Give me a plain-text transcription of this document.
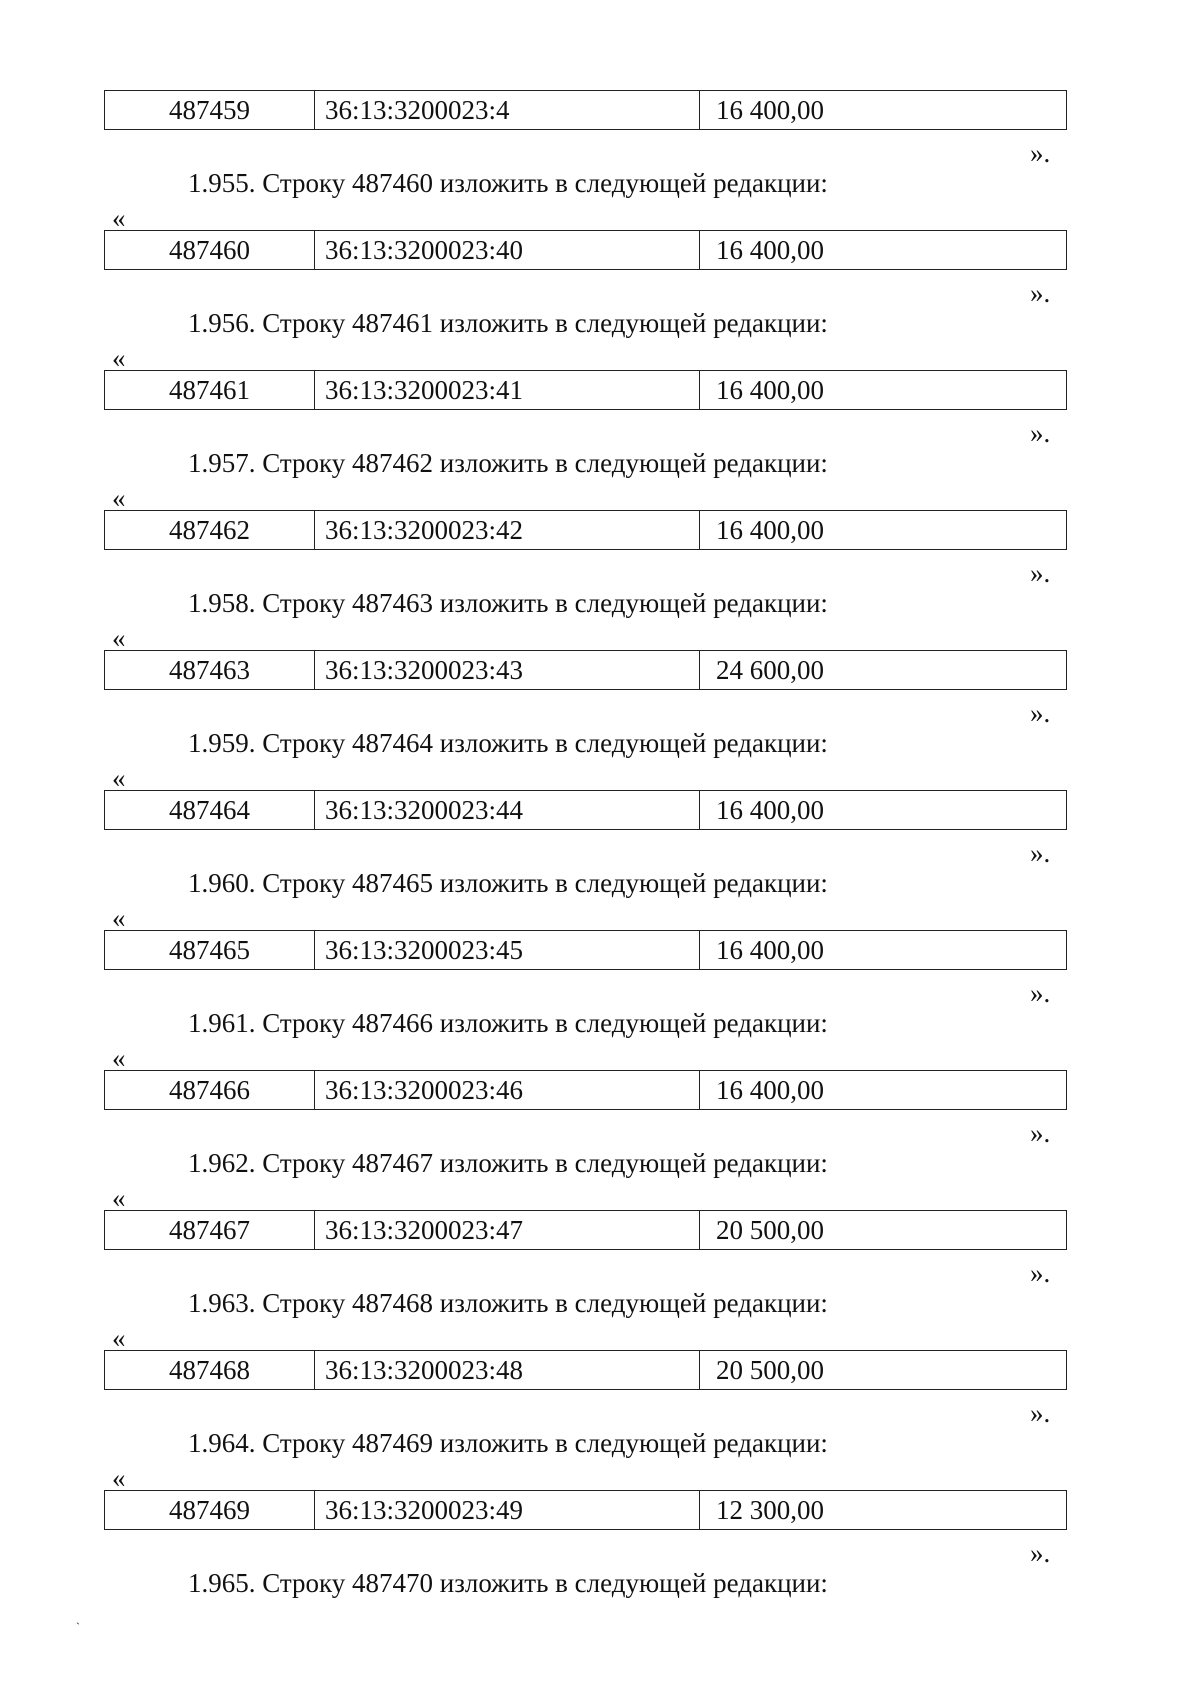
487459	36:13:3200023:4	16 400,00
».
1.955. Строку 487460 изложить в следующей редакции:
«
487460	36:13:3200023:40	16 400,00
».
1.956. Строку 487461 изложить в следующей редакции:
«
487461	36:13:3200023:41	16 400,00
».
1.957. Строку 487462 изложить в следующей редакции:
«
487462	36:13:3200023:42	16 400,00
».
1.958. Строку 487463 изложить в следующей редакции:
«
487463	36:13:3200023:43	24 600,00
».
1.959. Строку 487464 изложить в следующей редакции:
«
487464	36:13:3200023:44	16 400,00
».
1.960. Строку 487465 изложить в следующей редакции:
«
487465	36:13:3200023:45	16 400,00
».
1.961. Строку 487466 изложить в следующей редакции:
«
487466	36:13:3200023:46	16 400,00
».
1.962. Строку 487467 изложить в следующей редакции:
«
487467	36:13:3200023:47	20 500,00
».
1.963. Строку 487468 изложить в следующей редакции:
«
487468	36:13:3200023:48	20 500,00
».
1.964. Строку 487469 изложить в следующей редакции:
«
487469	36:13:3200023:49	12 300,00
».
1.965. Строку 487470 изложить в следующей редакции:
ˋ
